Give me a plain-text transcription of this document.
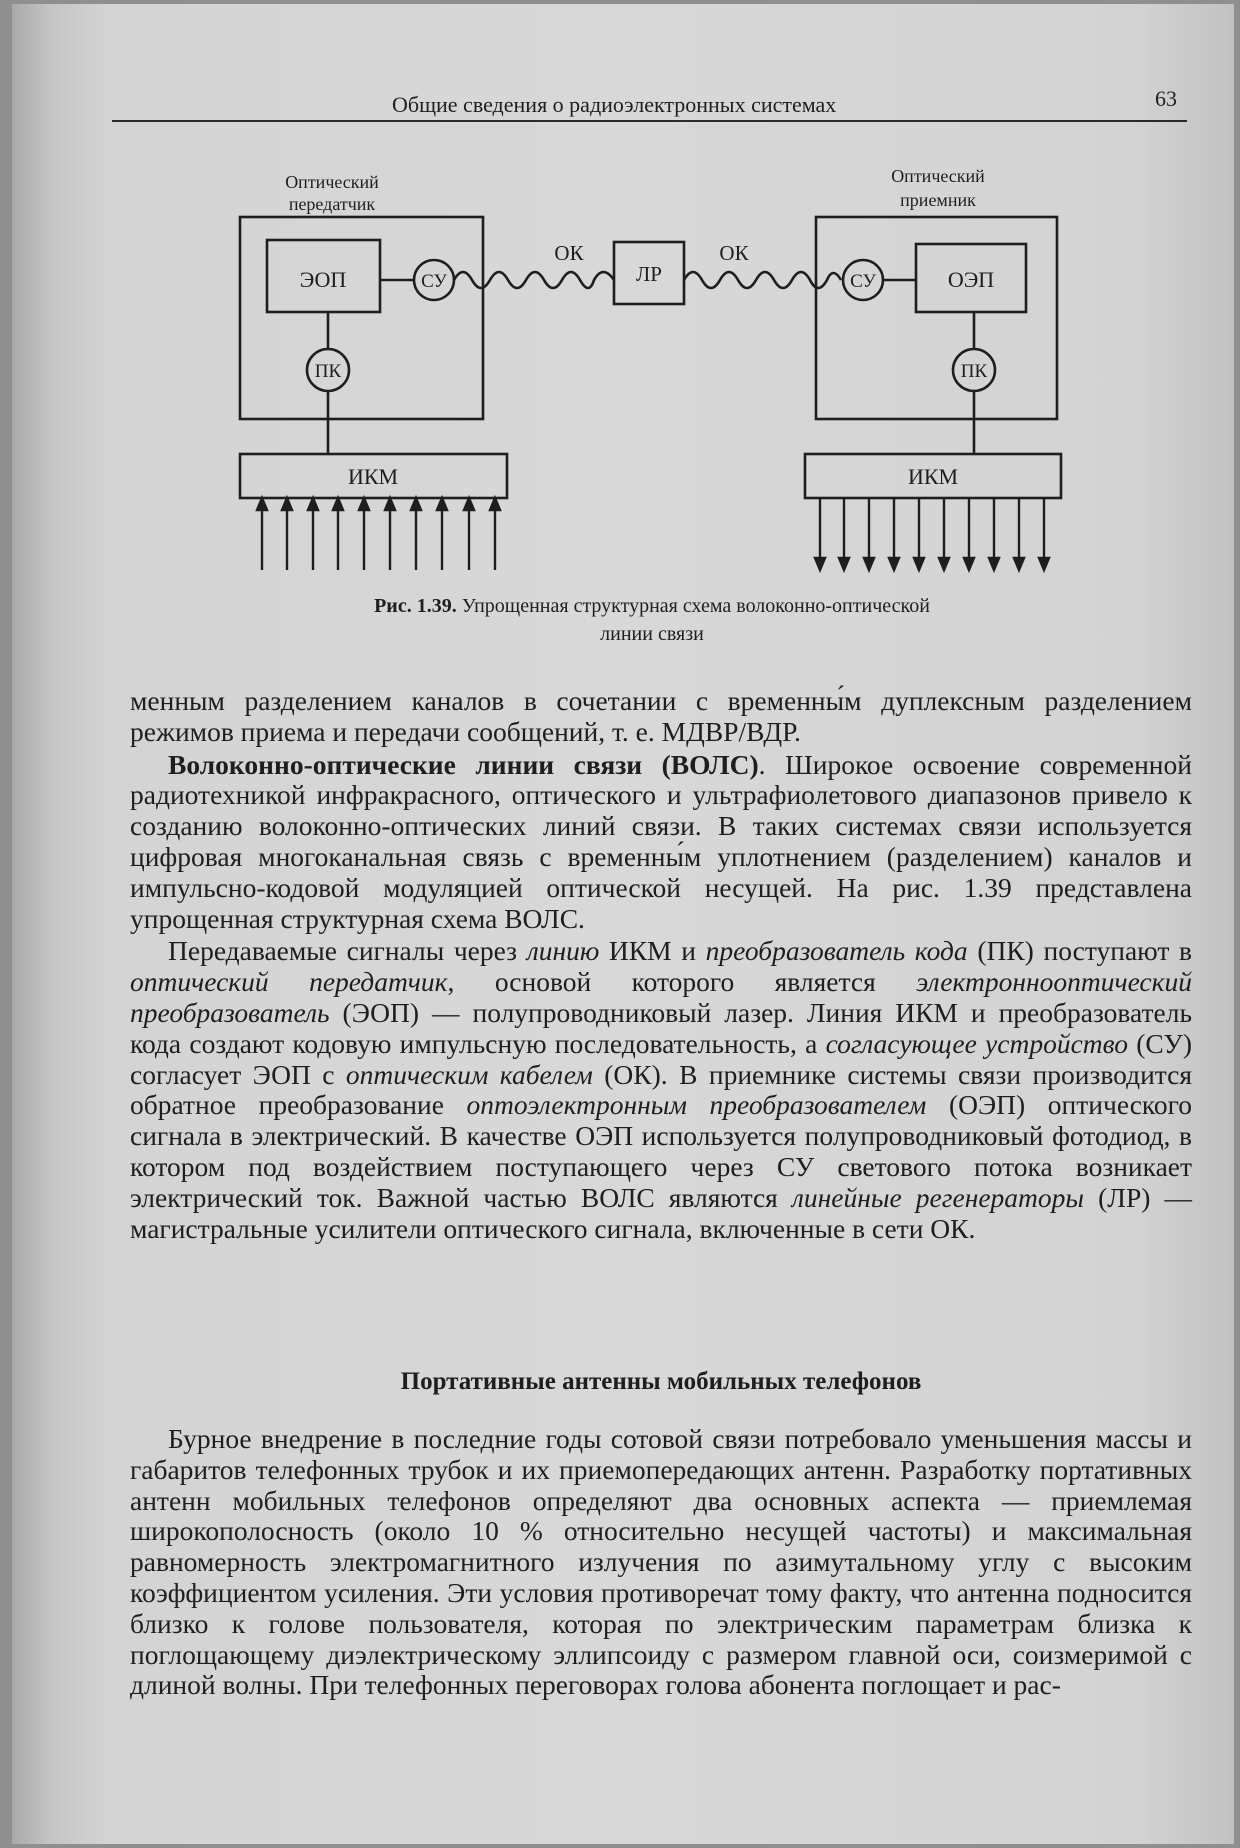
Общие сведения о радиоэлектронных системах	63
Оптический
передатчик
Оптический
приемник
ЭОП	ОЭП
ЛР
СУ	СУ
ПК	ПК
ИКМ	ИКМ
ОК	ОК
Рис. 1.39. Упрощенная структурная схема волоконно-оптической
линии связи

менным разделением каналов в сочетании с временны́м дуплексным разделением режимов приема и передачи сообщений, т. е. МДВР/ВДР.

Волоконно-оптические линии связи (ВОЛС). Широкое освоение современной радиотехникой инфракрасного, оптического и ультрафиолетового диапазонов привело к созданию волоконно-оптических линий связи. В таких системах связи используется цифровая многоканальная связь с временны́м уплотнением (разделением) каналов и импульсно-кодовой модуляцией оптической несущей. На рис. 1.39 представлена упрощенная структурная схема ВОЛС.

Передаваемые сигналы через линию ИКМ и преобразователь кода (ПК) поступают в оптический передатчик, основой которого является электроннооптический преобразователь (ЭОП) — полупроводниковый лазер. Линия ИКМ и преобразователь кода создают кодовую импульсную последовательность, а согласующее устройство (СУ) согласует ЭОП с оптическим кабелем (ОК). В приемнике системы связи производится обратное преобразование оптоэлектронным преобразователем (ОЭП) оптического сигнала в электрический. В качестве ОЭП используется полупроводниковый фотодиод, в котором под воздействием поступающего через СУ светового потока возникает электрический ток. Важной частью ВОЛС являются линейные регенераторы (ЛР) — магистральные усилители оптического сигнала, включенные в сети ОК.

Портативные антенны мобильных телефонов

Бурное внедрение в последние годы сотовой связи потребовало уменьшения массы и габаритов телефонных трубок и их приемопередающих антенн. Разработку портативных антенн мобильных телефонов определяют два основных аспекта — приемлемая широкополосность (около 10 % относительно несущей частоты) и максимальная равномерность электромагнитного излучения по азимутальному углу с высоким коэффициентом усиления. Эти условия противоречат тому факту, что антенна подносится близко к голове пользователя, которая по электрическим параметрам близка к поглощающему диэлектрическому эллипсоиду с размером главной оси, соизмеримой с длиной волны. При телефонных переговорах голова абонента поглощает и рас-
